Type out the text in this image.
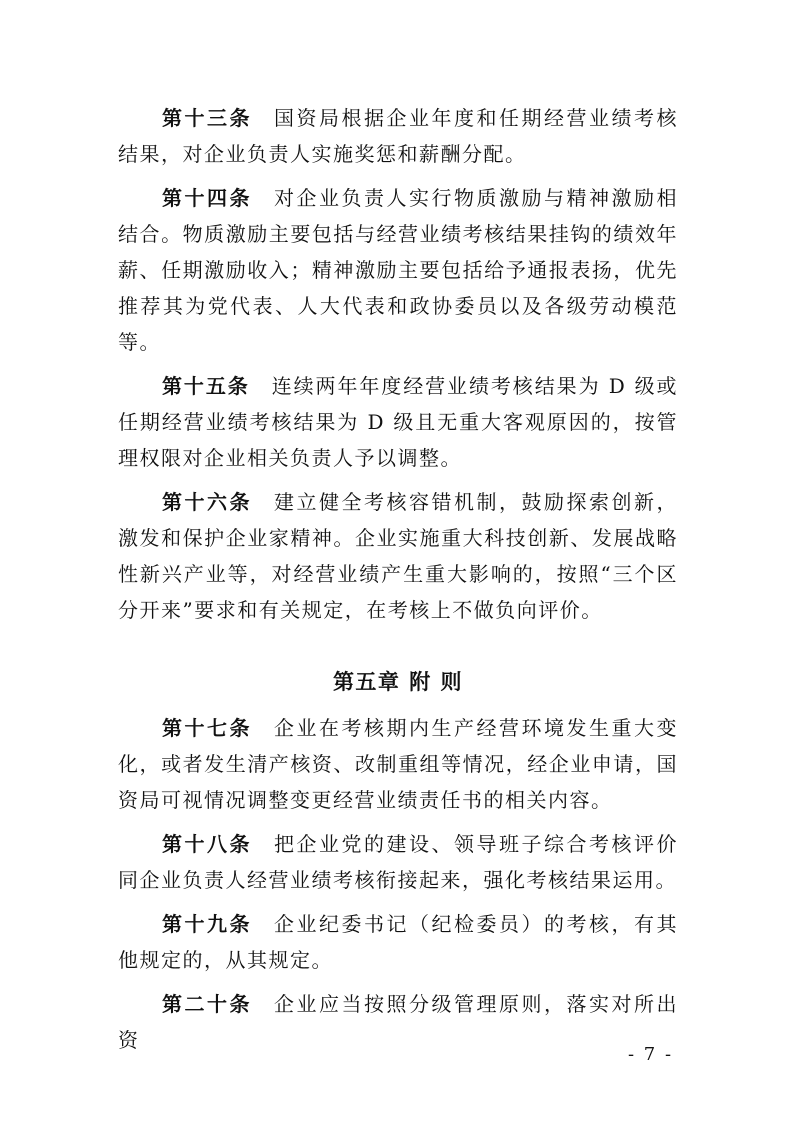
第十三条 国资局根据企业年度和任期经营业绩考核结果，对企业负责人实施奖惩和薪酬分配。

第十四条 对企业负责人实行物质激励与精神激励相结合。物质激励主要包括与经营业绩考核结果挂钩的绩效年薪、任期激励收入；精神激励主要包括给予通报表扬，优先推荐其为党代表、人大代表和政协委员以及各级劳动模范等。

第十五条 连续两年年度经营业绩考核结果为 D 级或任期经营业绩考核结果为 D 级且无重大客观原因的，按管理权限对企业相关负责人予以调整。

第十六条 建立健全考核容错机制，鼓励探索创新，激发和保护企业家精神。企业实施重大科技创新、发展战略性新兴产业等，对经营业绩产生重大影响的，按照“三个区分开来”要求和有关规定，在考核上不做负向评价。

第五章 附 则

第十七条 企业在考核期内生产经营环境发生重大变化，或者发生清产核资、改制重组等情况，经企业申请，国资局可视情况调整变更经营业绩责任书的相关内容。

第十八条 把企业党的建设、领导班子综合考核评价同企业负责人经营业绩考核衔接起来，强化考核结果运用。

第十九条 企业纪委书记（纪检委员）的考核，有其他规定的，从其规定。

第二十条 企业应当按照分级管理原则，落实对所出资

- 7 -
